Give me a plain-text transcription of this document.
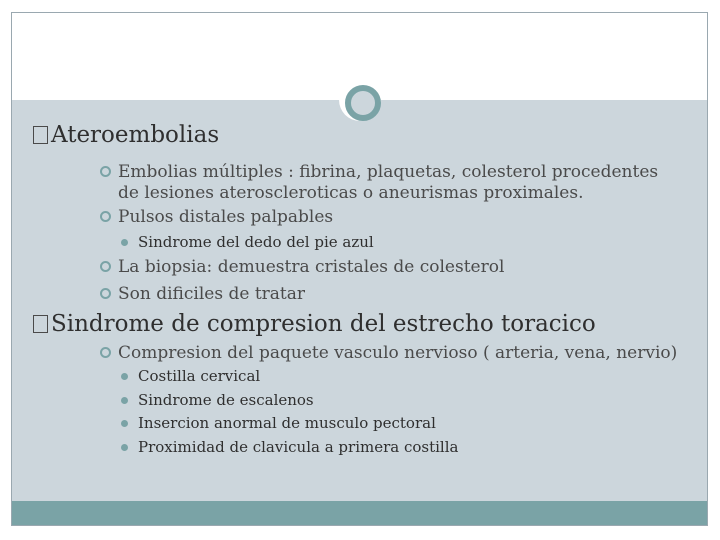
Ateroembolias
Embolias múltiples : fibrina, plaquetas, colesterol procedentes
de lesiones ateroscleroticas o aneurismas proximales.
Pulsos distales palpables
Sindrome del dedo del pie azul
La biopsia: demuestra cristales de colesterol
Son dificiles de tratar
Sindrome de compresion del estrecho toracico
Compresion del paquete vasculo nervioso ( arteria, vena, nervio)
Costilla cervical
Sindrome de escalenos
Insercion anormal de musculo pectoral
Proximidad de clavicula a primera costilla
